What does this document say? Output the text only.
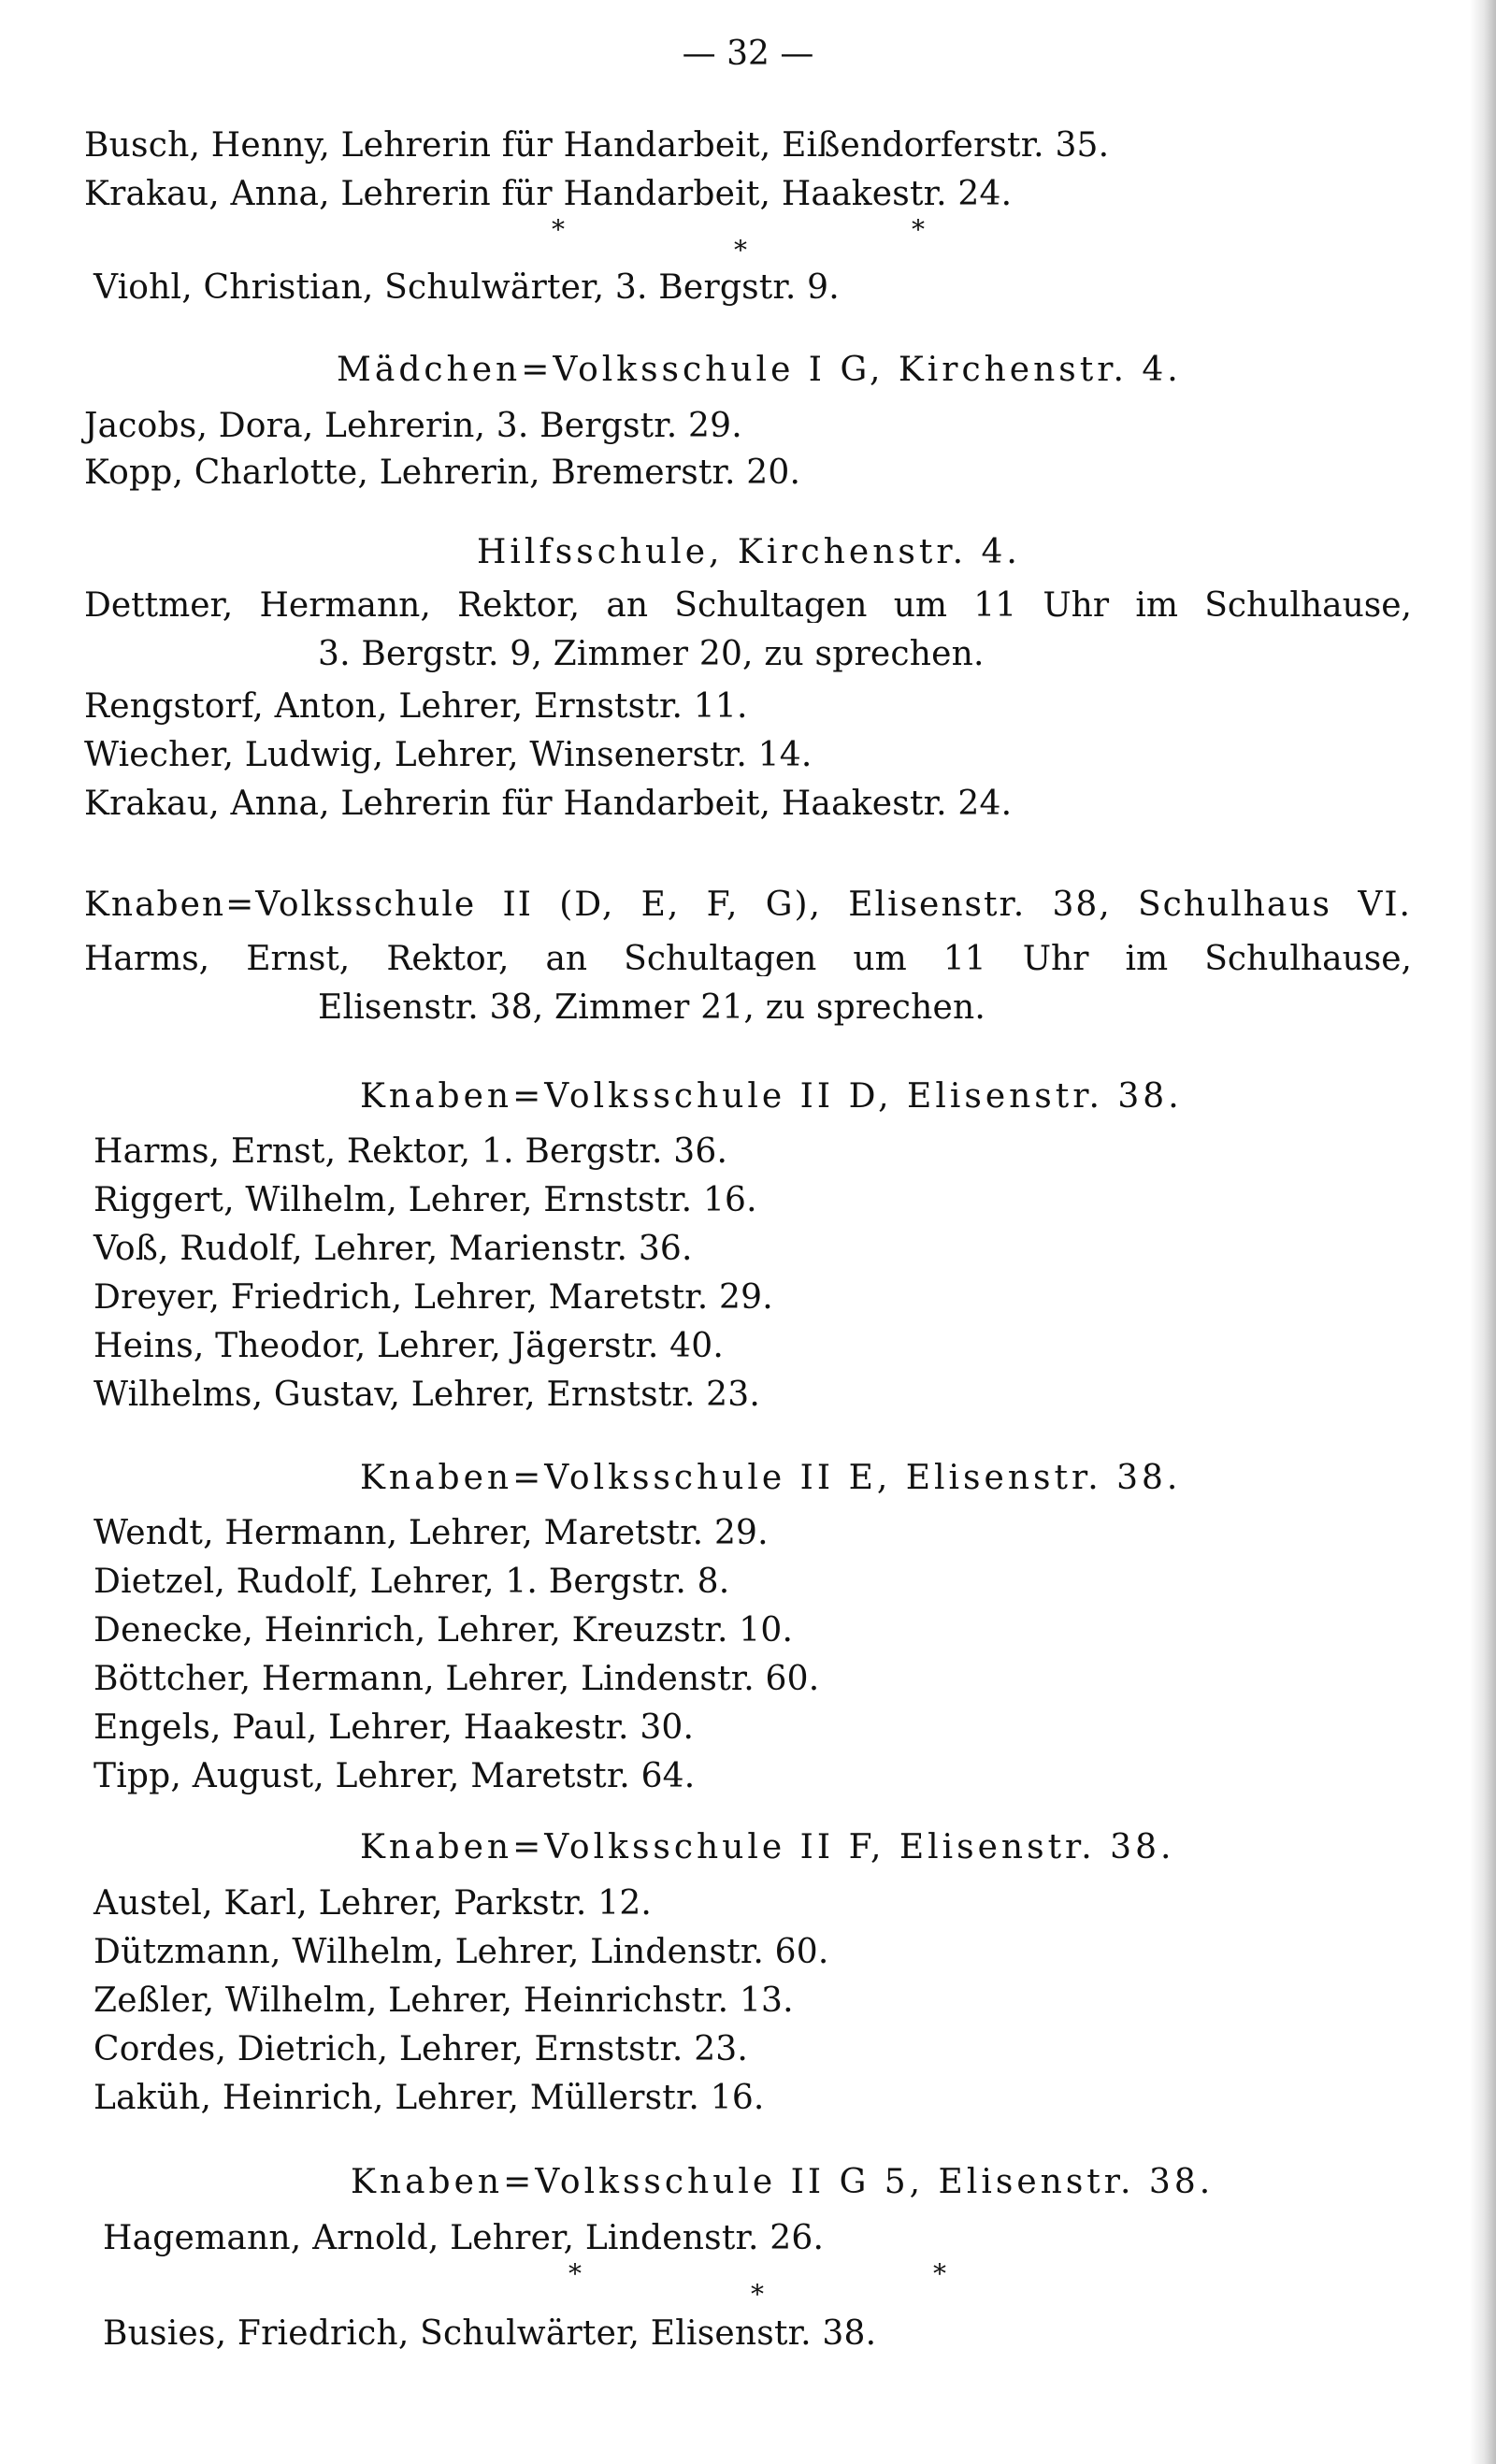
— 32 —
Busch, Henny, Lehrerin für Handarbeit, Eißendorferstr. 35.
Krakau, Anna, Lehrerin für Handarbeit, Haakestr. 24.
*
*
*
Viohl, Christian, Schulwärter, 3. Bergstr. 9.
Mädchen=Volksschule I G, Kirchenstr. 4.
Jacobs, Dora, Lehrerin, 3. Bergstr. 29.
Kopp, Charlotte, Lehrerin, Bremerstr. 20.
Hilfsschule, Kirchenstr. 4.
Dettmer, Hermann, Rektor, an Schultagen um 11 Uhr im Schulhause,
3. Bergstr. 9, Zimmer 20, zu sprechen.
Rengstorf, Anton, Lehrer, Ernststr. 11.
Wiecher, Ludwig, Lehrer, Winsenerstr. 14.
Krakau, Anna, Lehrerin für Handarbeit, Haakestr. 24.
Knaben=Volksschule II (D, E, F, G), Elisenstr. 38, Schulhaus VI.
Harms, Ernst, Rektor, an Schultagen um 11 Uhr im Schulhause,
Elisenstr. 38, Zimmer 21, zu sprechen.
Knaben=Volksschule II D, Elisenstr. 38.
Harms, Ernst, Rektor, 1. Bergstr. 36.
Riggert, Wilhelm, Lehrer, Ernststr. 16.
Voß, Rudolf, Lehrer, Marienstr. 36.
Dreyer, Friedrich, Lehrer, Maretstr. 29.
Heins, Theodor, Lehrer, Jägerstr. 40.
Wilhelms, Gustav, Lehrer, Ernststr. 23.
Knaben=Volksschule II E, Elisenstr. 38.
Wendt, Hermann, Lehrer, Maretstr. 29.
Dietzel, Rudolf, Lehrer, 1. Bergstr. 8.
Denecke, Heinrich, Lehrer, Kreuzstr. 10.
Böttcher, Hermann, Lehrer, Lindenstr. 60.
Engels, Paul, Lehrer, Haakestr. 30.
Tipp, August, Lehrer, Maretstr. 64.
Knaben=Volksschule II F, Elisenstr. 38.
Austel, Karl, Lehrer, Parkstr. 12.
Dützmann, Wilhelm, Lehrer, Lindenstr. 60.
Zeßler, Wilhelm, Lehrer, Heinrichstr. 13.
Cordes, Dietrich, Lehrer, Ernststr. 23.
Laküh, Heinrich, Lehrer, Müllerstr. 16.
Knaben=Volksschule II G 5, Elisenstr. 38.
Hagemann, Arnold, Lehrer, Lindenstr. 26.
*
*
*
Busies, Friedrich, Schulwärter, Elisenstr. 38.
